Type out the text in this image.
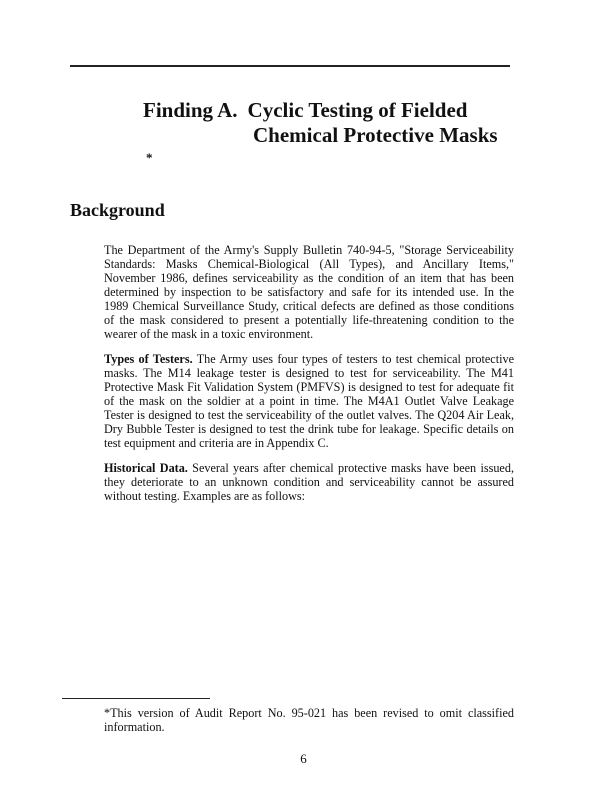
Finding A. Cyclic Testing of Fielded
Chemical Protective Masks
*
Background

The Department of the Army's Supply Bulletin 740-94-5, "Storage Serviceability Standards: Masks Chemical-Biological (All Types), and Ancillary Items," November 1986, defines serviceability as the condition of an item that has been determined by inspection to be satisfactory and safe for its intended use. In the 1989 Chemical Surveillance Study, critical defects are defined as those conditions of the mask considered to present a potentially life-threatening condition to the wearer of the mask in a toxic environment.

Types of Testers. The Army uses four types of testers to test chemical protective masks. The M14 leakage tester is designed to test for serviceability. The M41 Protective Mask Fit Validation System (PMFVS) is designed to test for adequate fit of the mask on the soldier at a point in time. The M4A1 Outlet Valve Leakage Tester is designed to test the serviceability of the outlet valves. The Q204 Air Leak, Dry Bubble Tester is designed to test the drink tube for leakage. Specific details on test equipment and criteria are in Appendix C.

Historical Data. Several years after chemical protective masks have been issued, they deteriorate to an unknown condition and serviceability cannot be assured without testing. Examples are as follows:

*This version of Audit Report No. 95-021 has been revised to omit classified information.
6
